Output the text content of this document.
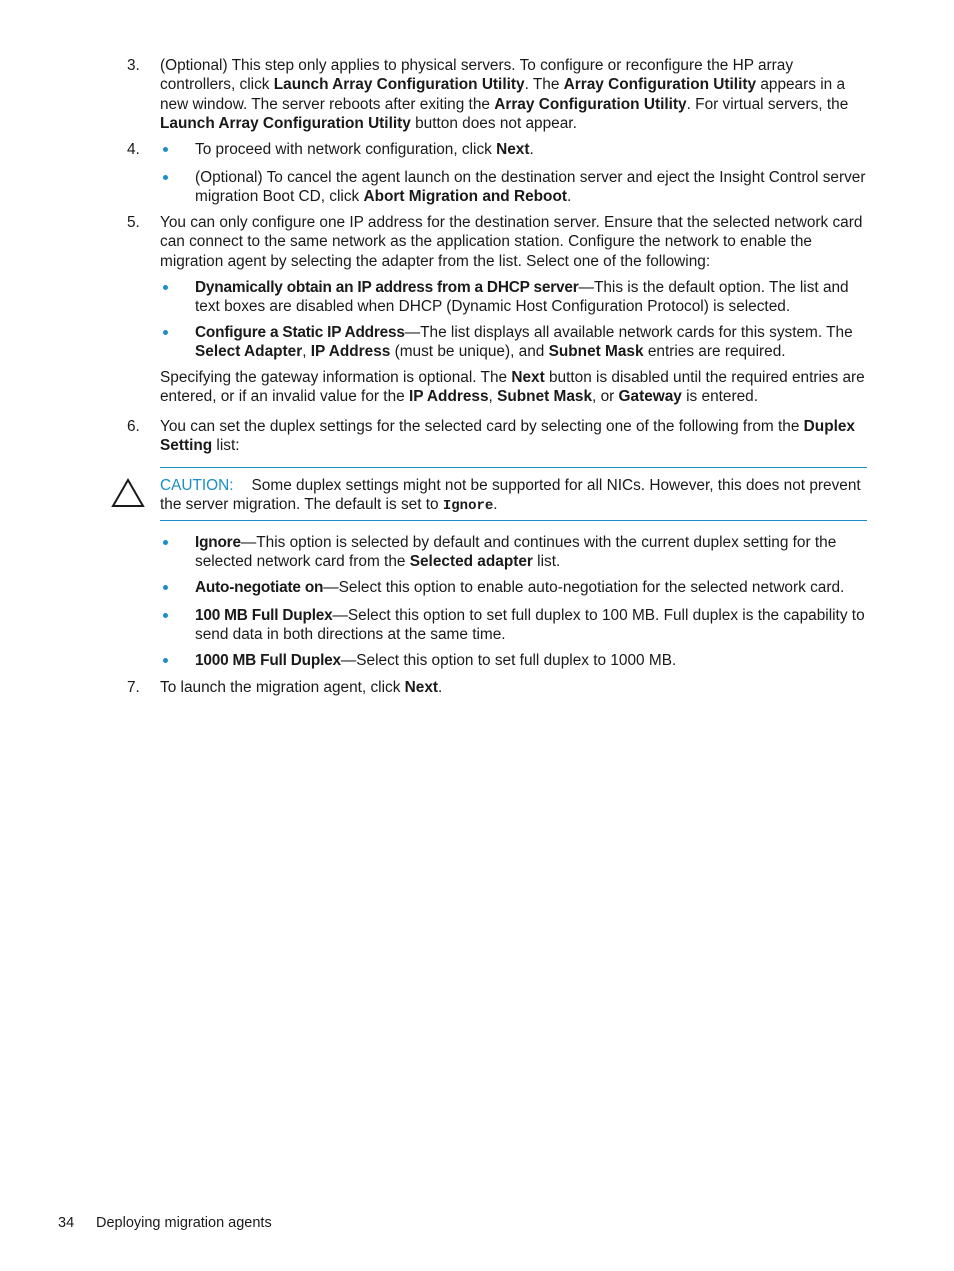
3. (Optional) This step only applies to physical servers. To configure or reconfigure the HP array controllers, click Launch Array Configuration Utility. The Array Configuration Utility appears in a new window. The server reboots after exiting the Array Configuration Utility. For virtual servers, the Launch Array Configuration Utility button does not appear.
4.	To proceed with network configuration, click Next.
(Optional) To cancel the agent launch on the destination server and eject the Insight Control server migration Boot CD, click Abort Migration and Reboot.
5. You can only configure one IP address for the destination server. Ensure that the selected network card can connect to the same network as the application station. Configure the network to enable the migration agent by selecting the adapter from the list. Select one of the following:
Dynamically obtain an IP address from a DHCP server—This is the default option. The list and text boxes are disabled when DHCP (Dynamic Host Configuration Protocol) is selected.
Configure a Static IP Address—The list displays all available network cards for this system. The Select Adapter, IP Address (must be unique), and Subnet Mask entries are required.
Specifying the gateway information is optional. The Next button is disabled until the required entries are entered, or if an invalid value for the IP Address, Subnet Mask, or Gateway is entered.
6. You can set the duplex settings for the selected card by selecting one of the following from the Duplex Setting list:
CAUTION: Some duplex settings might not be supported for all NICs. However, this does not prevent the server migration. The default is set to Ignore.
Ignore—This option is selected by default and continues with the current duplex setting for the selected network card from the Selected adapter list.
Auto-negotiate on—Select this option to enable auto-negotiation for the selected network card.
100 MB Full Duplex—Select this option to set full duplex to 100 MB. Full duplex is the capability to send data in both directions at the same time.
1000 MB Full Duplex—Select this option to set full duplex to 1000 MB.
7. To launch the migration agent, click Next.
34 Deploying migration agents
